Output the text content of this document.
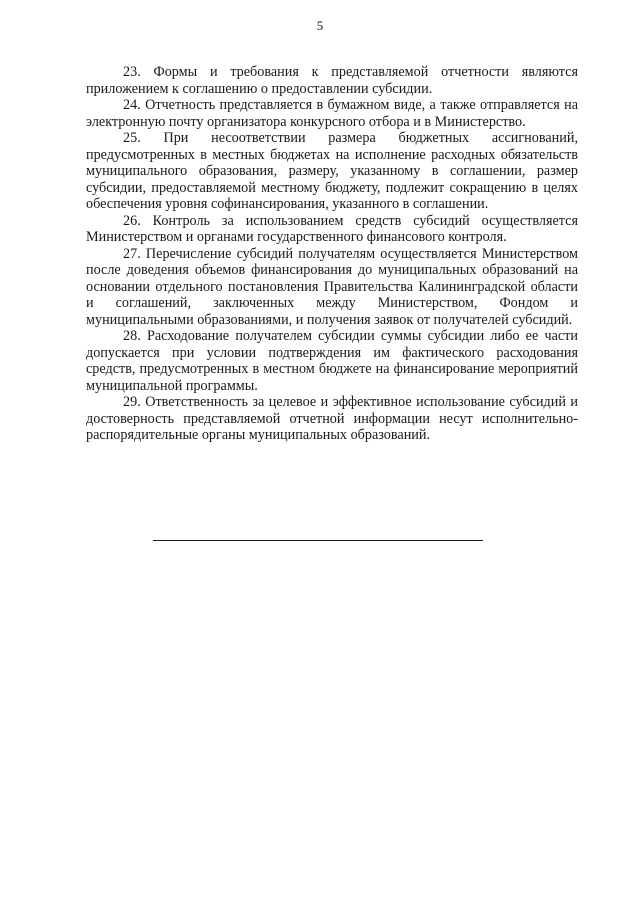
5

23. Формы и требования к представляемой отчетности являются приложением к соглашению о предоставлении субсидии.

24. Отчетность представляется в бумажном виде, а также отправляется на электронную почту организатора конкурсного отбора и в Министерство.

25. При несоответствии размера бюджетных ассигнований, предусмотренных в местных бюджетах на исполнение расходных обязательств муниципального образования, размеру, указанному в соглашении, размер субсидии, предоставляемой местному бюджету, подлежит сокращению в целях обеспечения уровня софинансирования, указанного в соглашении.

26. Контроль за использованием средств субсидий осуществляется Министерством и органами государственного финансового контроля.

27. Перечисление субсидий получателям осуществляется Министерством после доведения объемов финансирования до муниципальных образований на основании отдельного постановления Правительства Калининградской области и соглашений, заключенных между Министерством, Фондом и муниципальными образованиями, и получения заявок от получателей субсидий.

28. Расходование получателем субсидии суммы субсидии либо ее части допускается при условии подтверждения им фактического расходования средств, предусмотренных в местном бюджете на финансирование мероприятий муниципальной программы.

29. Ответственность за целевое и эффективное использование субсидий и достоверность представляемой отчетной информации несут исполнительно-распорядительные органы муниципальных образований.
